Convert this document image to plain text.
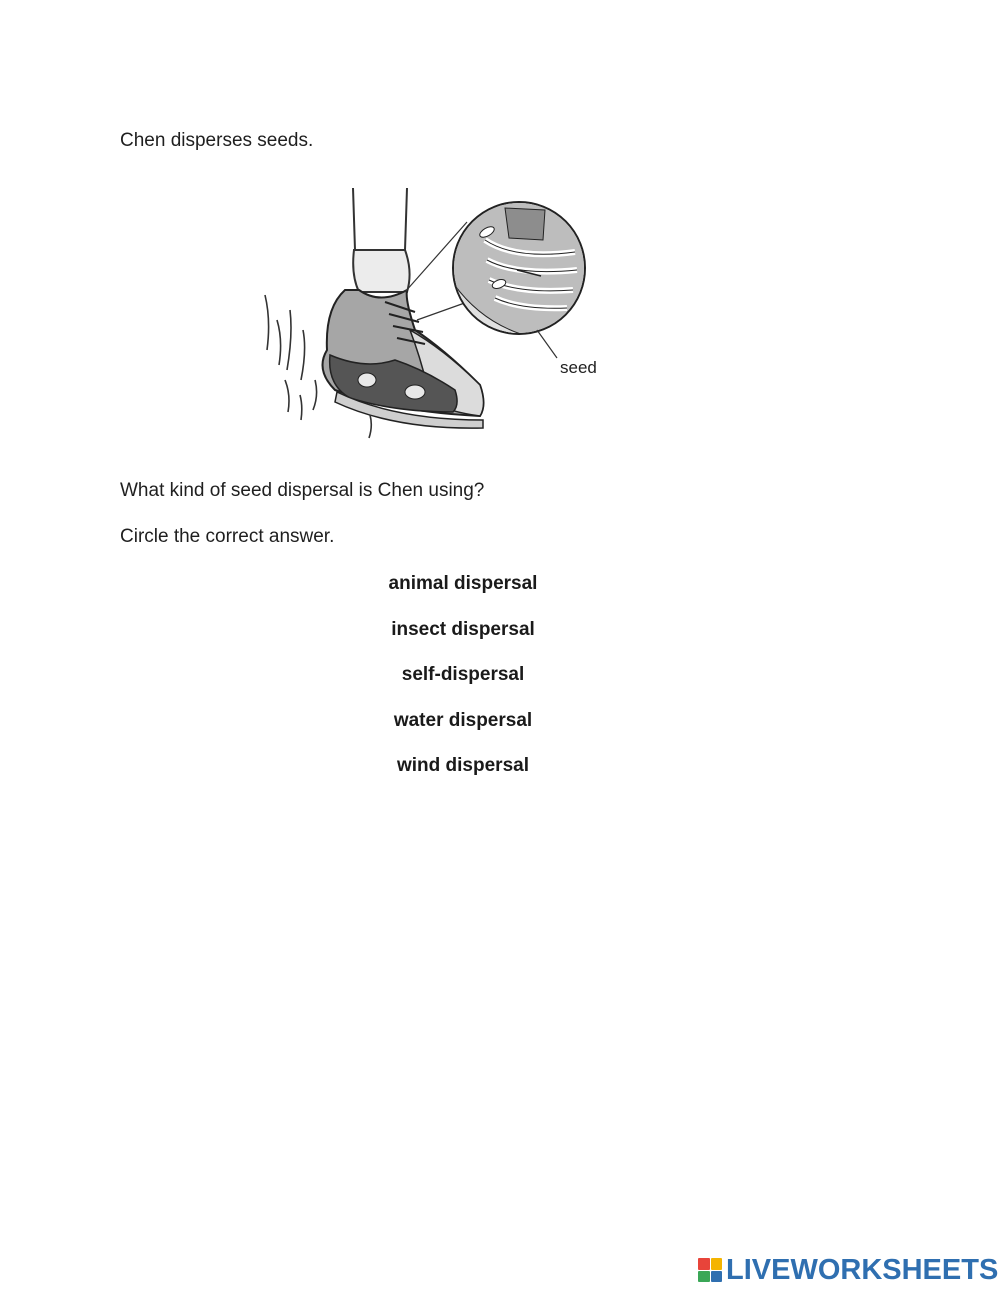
Chen disperses seeds.
seed
What kind of seed dispersal is Chen using?
Circle the correct answer.
animal dispersal
insect dispersal
self-dispersal
water dispersal
wind dispersal
LIVEWORKSHEETS
